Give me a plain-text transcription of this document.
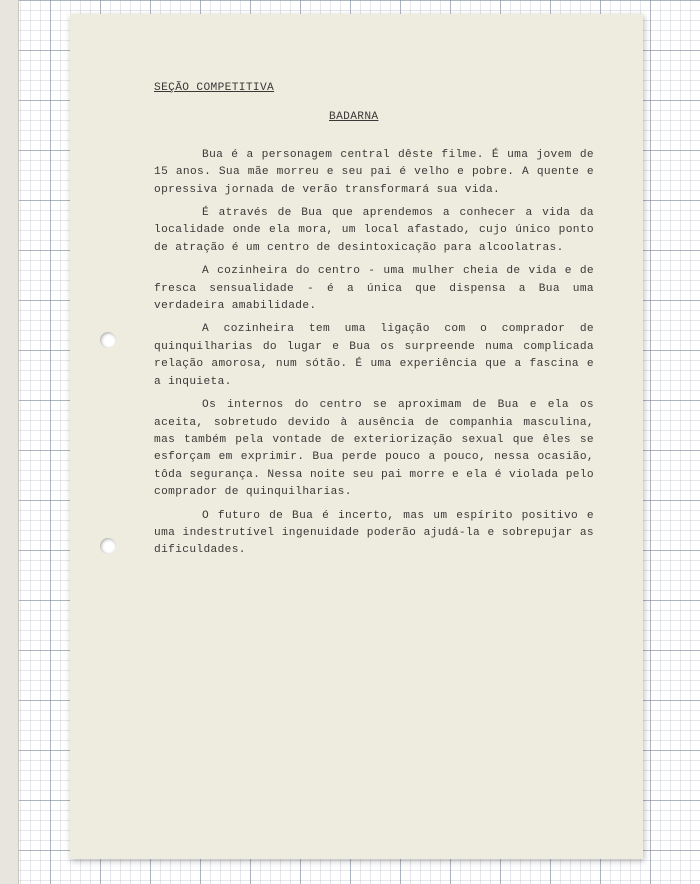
SEÇÃO COMPETITIVA
BADARNA

Bua é a personagem central dêste filme. É uma jovem de 15 anos. Sua mãe morreu e seu pai é velho e pobre. A quente e opressiva jornada de verão transformará sua vida.

É através de Bua que aprendemos a conhecer a vida da localidade onde ela mora, um local afastado, cujo único ponto de atração é um centro de desintoxicação para alcoolatras.

A cozinheira do centro - uma mulher cheia de vida e de fresca sensualidade - é a única que dispensa a Bua uma verdadeira amabilidade.

A cozinheira tem uma ligação com o comprador de quinquilharias do lugar e Bua os surpreende numa complicada relação amorosa, num sótão. É uma experiência que a fascina e a inquieta.

Os internos do centro se aproximam de Bua e ela os aceita, sobretudo devido à ausência de companhia masculina, mas também pela vontade de exteriorização sexual que êles se esforçam em exprimir. Bua perde pouco a pouco, nessa ocasião, tôda segurança. Nessa noite seu pai morre e ela é violada pelo comprador de quinquilharias.

O futuro de Bua é incerto, mas um espírito positivo e uma indestrutível ingenuidade poderão ajudá-la e sobrepujar as dificuldades.
